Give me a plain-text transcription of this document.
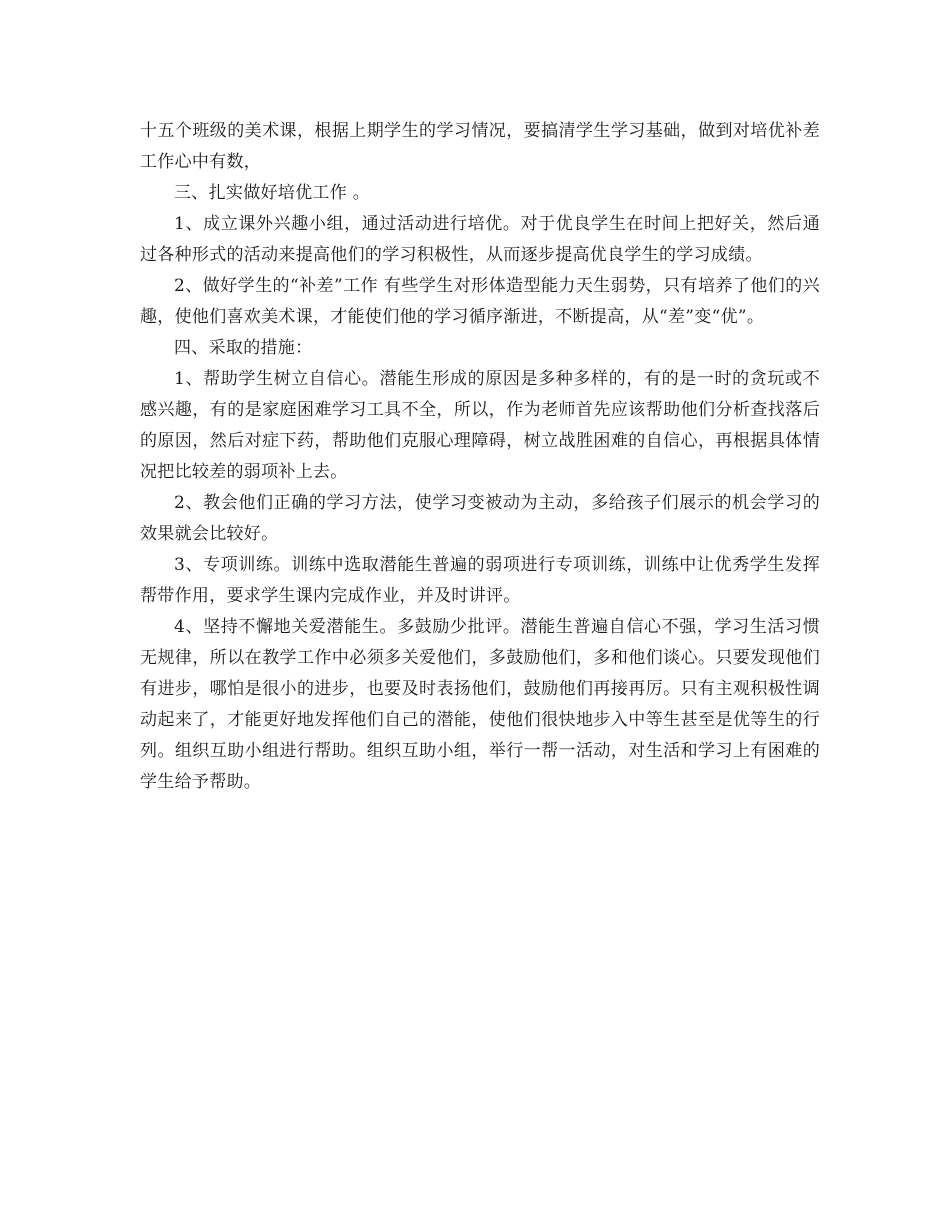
十五个班级的美术课，根据上期学生的学习情况，要搞清学生学习基础，做到对培优补差工作心中有数，

三、扎实做好培优工作 。

1、成立课外兴趣小组，通过活动进行培优。对于优良学生在时间上把好关，然后通过各种形式的活动来提高他们的学习积极性，从而逐步提高优良学生的学习成绩。

2、做好学生的“补差”工作 有些学生对形体造型能力天生弱势，只有培养了他们的兴趣，使他们喜欢美术课，才能使们他的学习循序渐进，不断提高，从“差”变“优”。

四、采取的措施：

1、帮助学生树立自信心。潜能生形成的原因是多种多样的，有的是一时的贪玩或不感兴趣，有的是家庭困难学习工具不全，所以，作为老师首先应该帮助他们分析查找落后的原因，然后对症下药，帮助他们克服心理障碍，树立战胜困难的自信心，再根据具体情况把比较差的弱项补上去。

2、教会他们正确的学习方法，使学习变被动为主动，多给孩子们展示的机会学习的效果就会比较好。

3、专项训练。训练中选取潜能生普遍的弱项进行专项训练，训练中让优秀学生发挥帮带作用，要求学生课内完成作业，并及时讲评。

4、坚持不懈地关爱潜能生。多鼓励少批评。潜能生普遍自信心不强，学习生活习惯无规律，所以在教学工作中必须多关爱他们，多鼓励他们，多和他们谈心。只要发现他们有进步，哪怕是很小的进步，也要及时表扬他们，鼓励他们再接再厉。只有主观积极性调动起来了，才能更好地发挥他们自己的潜能，使他们很快地步入中等生甚至是优等生的行列。组织互助小组进行帮助。组织互助小组，举行一帮一活动，对生活和学习上有困难的学生给予帮助。
